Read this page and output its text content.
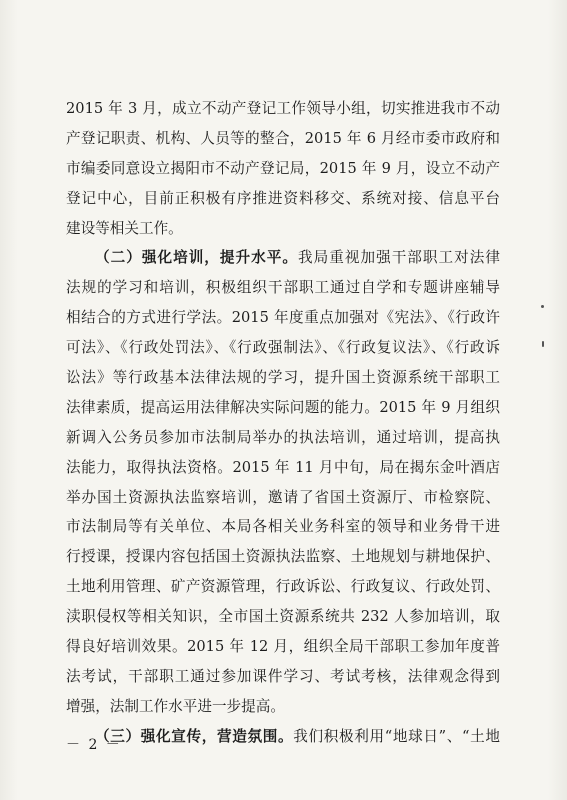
2015 年 3 月，成立不动产登记工作领导小组，切实推进我市不动
产登记职责、机构、人员等的整合，2015 年 6 月经市委市政府和
市编委同意设立揭阳市不动产登记局，2015 年 9 月，设立不动产
登记中心，目前正积极有序推进资料移交、系统对接、信息平台
建设等相关工作。
（二）强化培训，提升水平。我局重视加强干部职工对法律
法规的学习和培训，积极组织干部职工通过自学和专题讲座辅导
相结合的方式进行学法。2015 年度重点加强对《宪法》、《行政许
可法》、《行政处罚法》、《行政强制法》、《行政复议法》、《行政诉
讼法》等行政基本法律法规的学习，提升国土资源系统干部职工
法律素质，提高运用法律解决实际问题的能力。2015 年 9 月组织
新调入公务员参加市法制局举办的执法培训，通过培训，提高执
法能力，取得执法资格。2015 年 11 月中旬，局在揭东金叶酒店
举办国土资源执法监察培训，邀请了省国土资源厅、市检察院、
市法制局等有关单位、本局各相关业务科室的领导和业务骨干进
行授课，授课内容包括国土资源执法监察、土地规划与耕地保护、
土地利用管理、矿产资源管理，行政诉讼、行政复议、行政处罚、
渎职侵权等相关知识，全市国土资源系统共 232 人参加培训，取
得良好培训效果。2015 年 12 月，组织全局干部职工参加年度普
法考试，干部职工通过参加课件学习、考试考核，法律观念得到
增强，法制工作水平进一步提高。
（三）强化宣传，营造氛围。我们积极利用“地球日”、“土地
－ 2 －
